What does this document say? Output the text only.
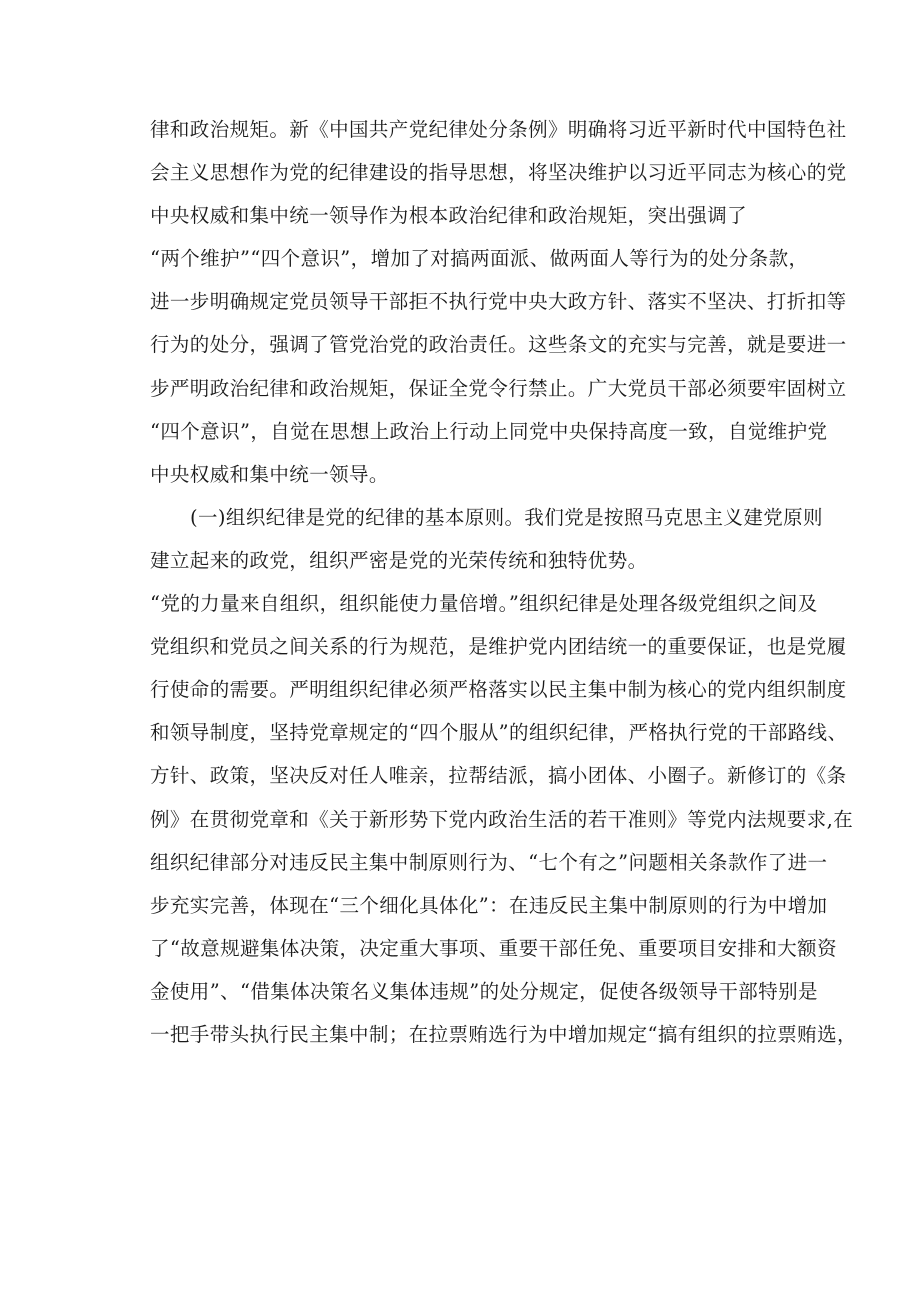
律和政治规矩。新《中国共产党纪律处分条例》明确将习近平新时代中国特色社
会主义思想作为党的纪律建设的指导思想，将坚决维护以习近平同志为核心的党
中央权威和集中统一领导作为根本政治纪律和政治规矩，突出强调了
“两个维护”“四个意识”，增加了对搞两面派、做两面人等行为的处分条款，
进一步明确规定党员领导干部拒不执行党中央大政方针、落实不坚决、打折扣等
行为的处分，强调了管党治党的政治责任。这些条文的充实与完善，就是要进一
步严明政治纪律和政治规矩，保证全党令行禁止。广大党员干部必须要牢固树立
“四个意识”，自觉在思想上政治上行动上同党中央保持高度一致，自觉维护党
中央权威和集中统一领导。
(一)组织纪律是党的纪律的基本原则。我们党是按照马克思主义建党原则
建立起来的政党，组织严密是党的光荣传统和独特优势。
“党的力量来自组织，组织能使力量倍增。”组织纪律是处理各级党组织之间及
党组织和党员之间关系的行为规范，是维护党内团结统一的重要保证，也是党履
行使命的需要。严明组织纪律必须严格落实以民主集中制为核心的党内组织制度
和领导制度，坚持党章规定的“四个服从”的组织纪律，严格执行党的干部路线、
方针、政策，坚决反对任人唯亲，拉帮结派，搞小团体、小圈子。新修订的《条
例》在贯彻党章和《关于新形势下党内政治生活的若干准则》等党内法规要求,在
组织纪律部分对违反民主集中制原则行为、“七个有之”问题相关条款作了进一
步充实完善，体现在“三个细化具体化”：在违反民主集中制原则的行为中增加
了“故意规避集体决策，决定重大事项、重要干部任免、重要项目安排和大额资
金使用”、“借集体决策名义集体违规”的处分规定，促使各级领导干部特别是
一把手带头执行民主集中制；在拉票贿选行为中增加规定“搞有组织的拉票贿选，
